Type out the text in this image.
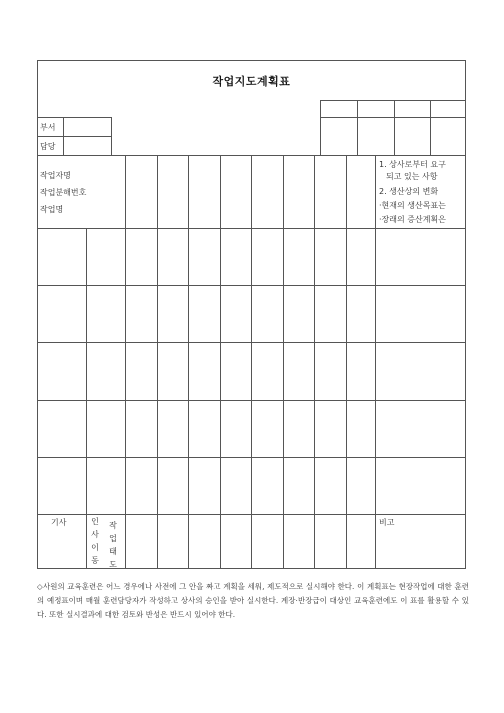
작업지도계획표
부서
담당
작업자명
작업분해번호
작업명
1. 상사로부터 요구
되고 있는 사항
2. 생산상의 변화
·현재의 생산목표는
·장래의 증산계획은
기사	인사이동
작업태도
비고
◇사원의 교육훈련은 어느 경우에나 사전에 그 안을 짜고 계획을 세워, 제도적으로 실시해야 한다. 이 계획표는 현장작업에 대한 훈련의 예정표이며 매월 훈련담당자가 작성하고 상사의 승인을 받아 실시한다. 계장·반장급이 대상인 교육훈련에도 이 표를 활용할 수 있다. 또한 실시결과에 대한 검토와 반성은 반드시 있어야 한다.
